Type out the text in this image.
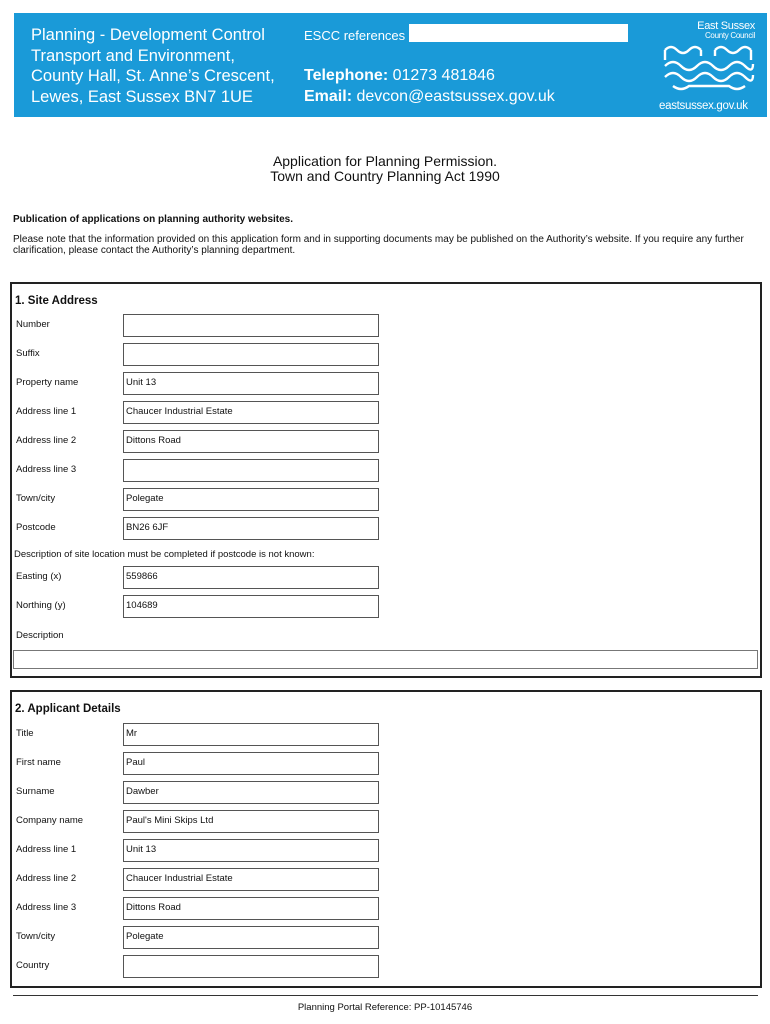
Planning - Development Control
Transport and Environment,
County Hall, St. Anne’s Crescent,
Lewes, East Sussex BN7 1UE
ESCC references
Telephone: 01273 481846
Email: devcon@eastsussex.gov.uk
East Sussex
County Council
eastsussex.gov.uk
Application for Planning Permission.
Town and Country Planning Act 1990
Publication of applications on planning authority websites.
Please note that the information provided on this application form and in supporting documents may be published on the Authority’s website. If you require any further clarification, please contact the Authority’s planning department.
1. Site Address
Number
Suffix
Property name	Unit 13
Address line 1	Chaucer Industrial Estate
Address line 2	Dittons Road
Address line 3
Town/city	Polegate
Postcode	BN26 6JF
Description of site location must be completed if postcode is not known:
Easting (x)	559866
Northing (y)	104689
Description
2. Applicant Details
Title	Mr
First name	Paul
Surname	Dawber
Company name	Paul's Mini Skips Ltd
Address line 1	Unit 13
Address line 2	Chaucer Industrial Estate
Address line 3	Dittons Road
Town/city	Polegate
Country
Planning Portal Reference: PP-10145746
